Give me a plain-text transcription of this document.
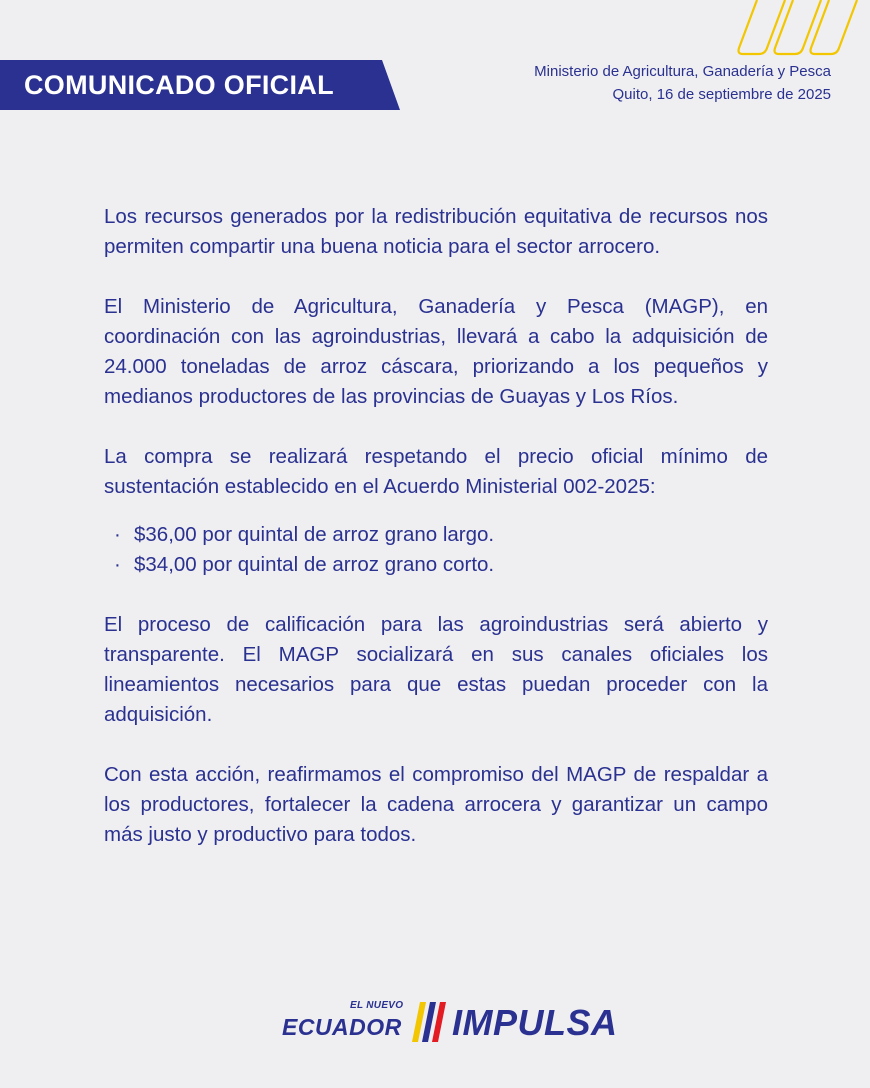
COMUNICADO OFICIAL	Ministerio de Agricultura, Ganadería y Pesca
Quito, 16 de septiembre de 2025

Los recursos generados por la redistribución equitativa de recursos nos permiten compartir una buena noticia para el sector arrocero.

El Ministerio de Agricultura, Ganadería y Pesca (MAGP), en coordinación con las agroindustrias, llevará a cabo la adquisición de 24.000 toneladas de arroz cáscara, priorizando a los pequeños y medianos productores de las provincias de Guayas y Los Ríos.

La compra se realizará respetando el precio oficial mínimo de sustentación establecido en el Acuerdo Ministerial 002-2025:

· $36,00 por quintal de arroz grano largo.
· $34,00 por quintal de arroz grano corto.

El proceso de calificación para las agroindustrias será abierto y transparente. El MAGP socializará en sus canales oficiales los lineamientos necesarios para que estas puedan proceder con la adquisición.

Con esta acción, reafirmamos el compromiso del MAGP de respaldar a los productores, fortalecer la cadena arrocera y garantizar un campo más justo y productivo para todos.

EL NUEVO
ECUADOR IMPULSA
